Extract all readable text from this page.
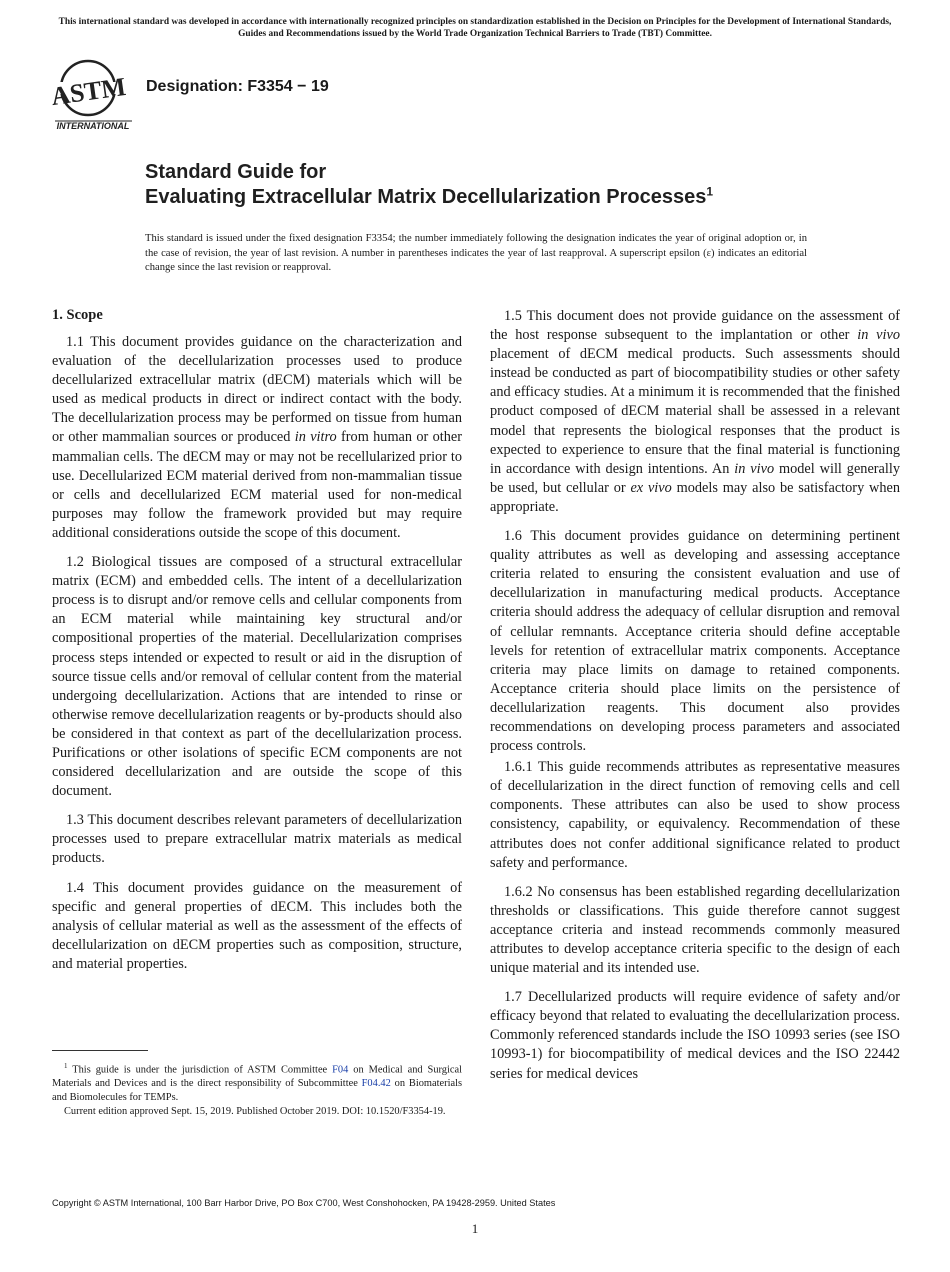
This international standard was developed in accordance with internationally recognized principles on standardization established in the Decision on Principles for the Development of International Standards, Guides and Recommendations issued by the World Trade Organization Technical Barriers to Trade (TBT) Committee.
ASTM
INTERNATIONAL
Designation: F3354 − 19
Standard Guide for
Evaluating Extracellular Matrix Decellularization Processes$^1$
This standard is issued under the fixed designation F3354; the number immediately following the designation indicates the year of original adoption or, in the case of revision, the year of last revision. A number in parentheses indicates the year of last reapproval. A superscript epsilon (ε) indicates an editorial change since the last revision or reapproval.
1. Scope

1.1 This document provides guidance on the characterization and evaluation of the decellularization processes used to produce decellularized extracellular matrix (dECM) materials which will be used as medical products in direct or indirect contact with the body. The decellularization process may be performed on tissue from human or other mammalian sources or produced in vitro from human or other mammalian cells. The dECM may or may not be recellularized prior to use. Decellularized ECM material derived from non-mammalian tissue or cells and decellularized ECM material used for non-medical purposes may follow the framework provided but may require additional considerations outside the scope of this document.

1.2 Biological tissues are composed of a structural extracellular matrix (ECM) and embedded cells. The intent of a decellularization process is to disrupt and/or remove cells and cellular components from an ECM material while maintaining key structural and/or compositional properties of the material. Decellularization comprises process steps intended or expected to result or aid in the disruption of source tissue cells and/or removal of cellular content from the material undergoing decellularization. Actions that are intended to rinse or otherwise remove decellularization reagents or by-products should also be considered in that context as part of the decellularization process. Purifications or other isolations of specific ECM components are not considered decellularization and are outside the scope of this document.

1.3 This document describes relevant parameters of decellularization processes used to prepare extracellular matrix materials as medical products.

1.4 This document provides guidance on the measurement of specific and general properties of dECM. This includes both the analysis of cellular material as well as the assessment of the effects of decellularization on dECM properties such as composition, structure, and material properties.

1.5 This document does not provide guidance on the assessment of the host response subsequent to the implantation or other in vivo placement of dECM medical products. Such assessments should instead be conducted as part of biocompatibility studies or other safety and efficacy studies. At a minimum it is recommended that the finished product composed of dECM material shall be assessed in a relevant model that represents the biological responses that the product is expected to experience to ensure that the final material is functioning in accordance with design intentions. An in vivo model will generally be used, but cellular or ex vivo models may also be satisfactory when appropriate.

1.6 This document provides guidance on determining pertinent quality attributes as well as developing and assessing acceptance criteria related to ensuring the consistent evaluation and use of decellularization in manufacturing medical products. Acceptance criteria should address the adequacy of cellular disruption and removal of cellular remnants. Acceptance criteria should define acceptable levels for retention of extracellular matrix components. Acceptance criteria may place limits on damage to retained components. Acceptance criteria should place limits on the persistence of decellularization reagents. This document also provides recommendations on developing process parameters and associated process controls.

1.6.1 This guide recommends attributes as representative measures of decellularization in the direct function of removing cells and cell components. These attributes can also be used to show process consistency, capability, or equivalency. Recommendation of these attributes does not confer additional significance related to product safety and performance.

1.6.2 No consensus has been established regarding decellularization thresholds or classifications. This guide therefore cannot suggest acceptance criteria and instead recommends commonly measured attributes to develop acceptance criteria specific to the design of each unique material and its intended use.

1.7 Decellularized products will require evidence of safety and/or efficacy beyond that related to evaluating the decellularization process. Commonly referenced standards include the ISO 10993 series (see ISO 10993-1) for biocompatibility of medical devices and the ISO 22442 series for medical devices

$^1$ This guide is under the jurisdiction of ASTM Committee F04 on Medical and Surgical Materials and Devices and is the direct responsibility of Subcommittee F04.42 on Biomaterials and Biomolecules for TEMPs.

Current edition approved Sept. 15, 2019. Published October 2019. DOI: 10.1520/F3354-19.

Copyright © ASTM International, 100 Barr Harbor Drive, PO Box C700, West Conshohocken, PA 19428-2959. United States
1
